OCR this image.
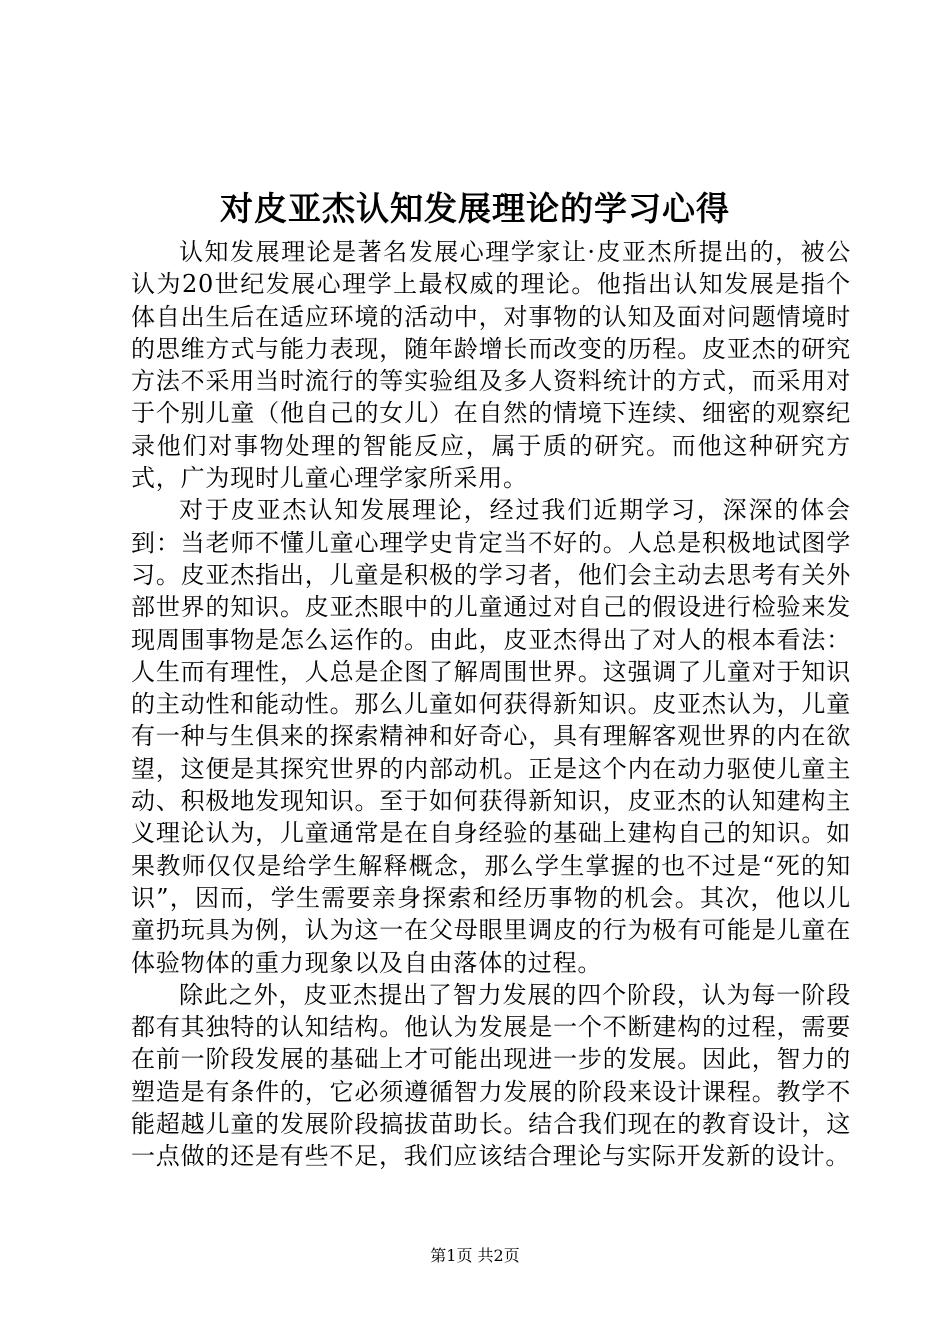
对皮亚杰认知发展理论的学习心得

认知发展理论是著名发展心理学家让·皮亚杰所提出的，被公认为20世纪发展心理学上最权威的理论。他指出认知发展是指个体自出生后在适应环境的活动中，对事物的认知及面对问题情境时的思维方式与能力表现，随年龄增长而改变的历程。皮亚杰的研究方法不采用当时流行的等实验组及多人资料统计的方式，而采用对于个别儿童（他自己的女儿）在自然的情境下连续、细密的观察纪录他们对事物处理的智能反应，属于质的研究。而他这种研究方式，广为现时儿童心理学家所采用。

对于皮亚杰认知发展理论，经过我们近期学习，深深的体会到：当老师不懂儿童心理学史肯定当不好的。人总是积极地试图学习。皮亚杰指出，儿童是积极的学习者，他们会主动去思考有关外部世界的知识。皮亚杰眼中的儿童通过对自己的假设进行检验来发现周围事物是怎么运作的。由此，皮亚杰得出了对人的根本看法：人生而有理性，人总是企图了解周围世界。这强调了儿童对于知识的主动性和能动性。那么儿童如何获得新知识。皮亚杰认为，儿童有一种与生俱来的探索精神和好奇心，具有理解客观世界的内在欲望，这便是其探究世界的内部动机。正是这个内在动力驱使儿童主动、积极地发现知识。至于如何获得新知识，皮亚杰的认知建构主义理论认为，儿童通常是在自身经验的基础上建构自己的知识。如果教师仅仅是给学生解释概念，那么学生掌握的也不过是“死的知识”，因而，学生需要亲身探索和经历事物的机会。其次，他以儿童扔玩具为例，认为这一在父母眼里调皮的行为极有可能是儿童在体验物体的重力现象以及自由落体的过程。

除此之外，皮亚杰提出了智力发展的四个阶段，认为每一阶段都有其独特的认知结构。他认为发展是一个不断建构的过程，需要在前一阶段发展的基础上才可能出现进一步的发展。因此，智力的塑造是有条件的，它必须遵循智力发展的阶段来设计课程。教学不能超越儿童的发展阶段搞拔苗助长。结合我们现在的教育设计，这一点做的还是有些不足，我们应该结合理论与实际开发新的设计。

第1页 共2页
